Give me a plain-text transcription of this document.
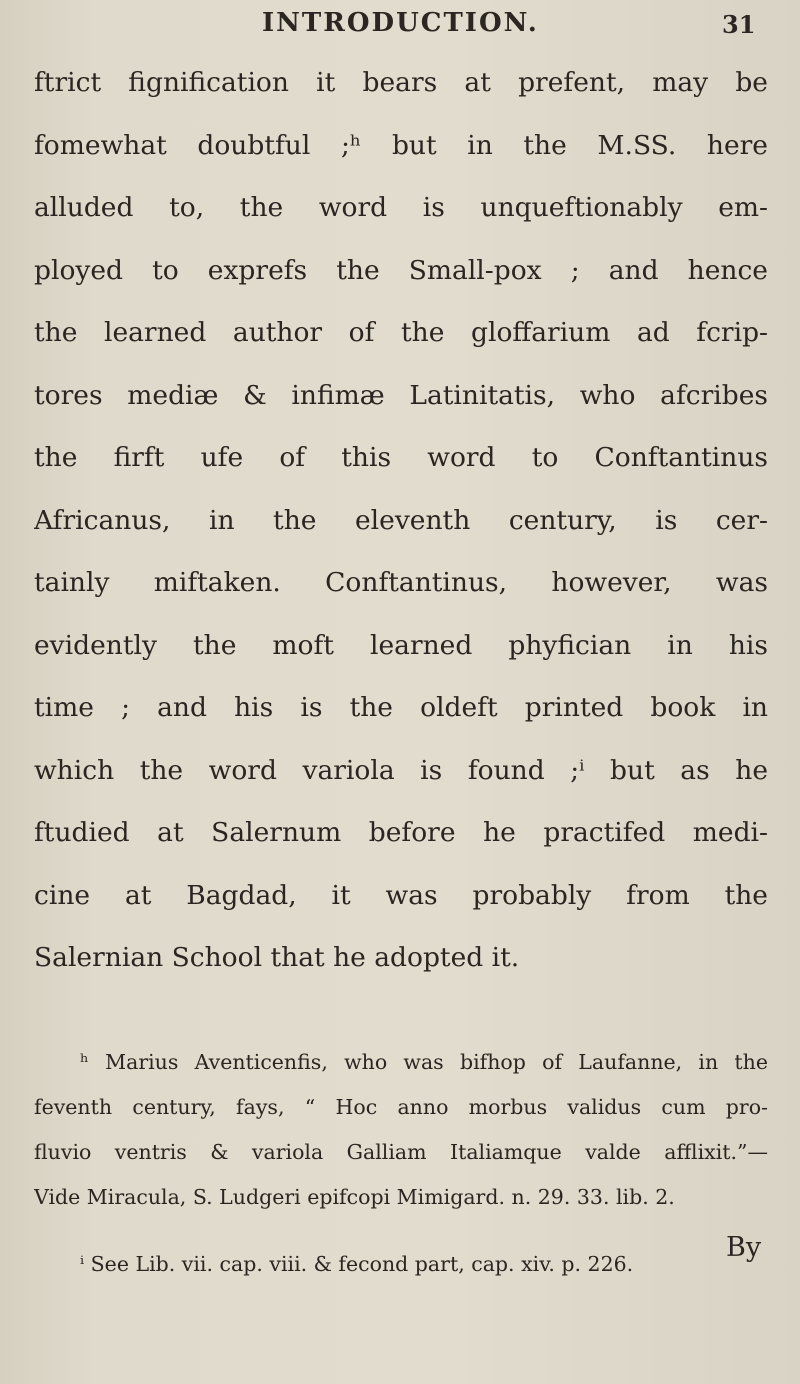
INTRODUCTION.	31
ftrict fignification it bears at prefent, may be
fomewhat doubtful ;ʰ but in the M.SS. here
alluded to, the word is unqueftionably em-
ployed to exprefs the Small-pox ; and hence
the learned author of the gloffarium ad fcrip-
tores mediæ & infimæ Latinitatis, who afcribes
the firft ufe of this word to Conftantinus
Africanus, in the eleventh century, is cer-
tainly miftaken. Conftantinus, however, was
evidently the moft learned phyfician in his
time ; and his is the oldeft printed book in
which the word variola is found ;ⁱ but as he
ftudied at Salernum before he practifed medi-
cine at Bagdad, it was probably from the
Salernian School that he adopted it.
ʰ Marius Aventicenfis, who was bifhop of Laufanne, in the
feventh century, fays, “ Hoc anno morbus validus cum pro-
fluvio ventris & variola Galliam Italiamque valde afflixit.”—
Vide Miracula, S. Ludgeri epifcopi Mimigard. n. 29. 33. lib. 2.
ⁱ See Lib. vii. cap. viii. & fecond part, cap. xiv. p. 226.
By
